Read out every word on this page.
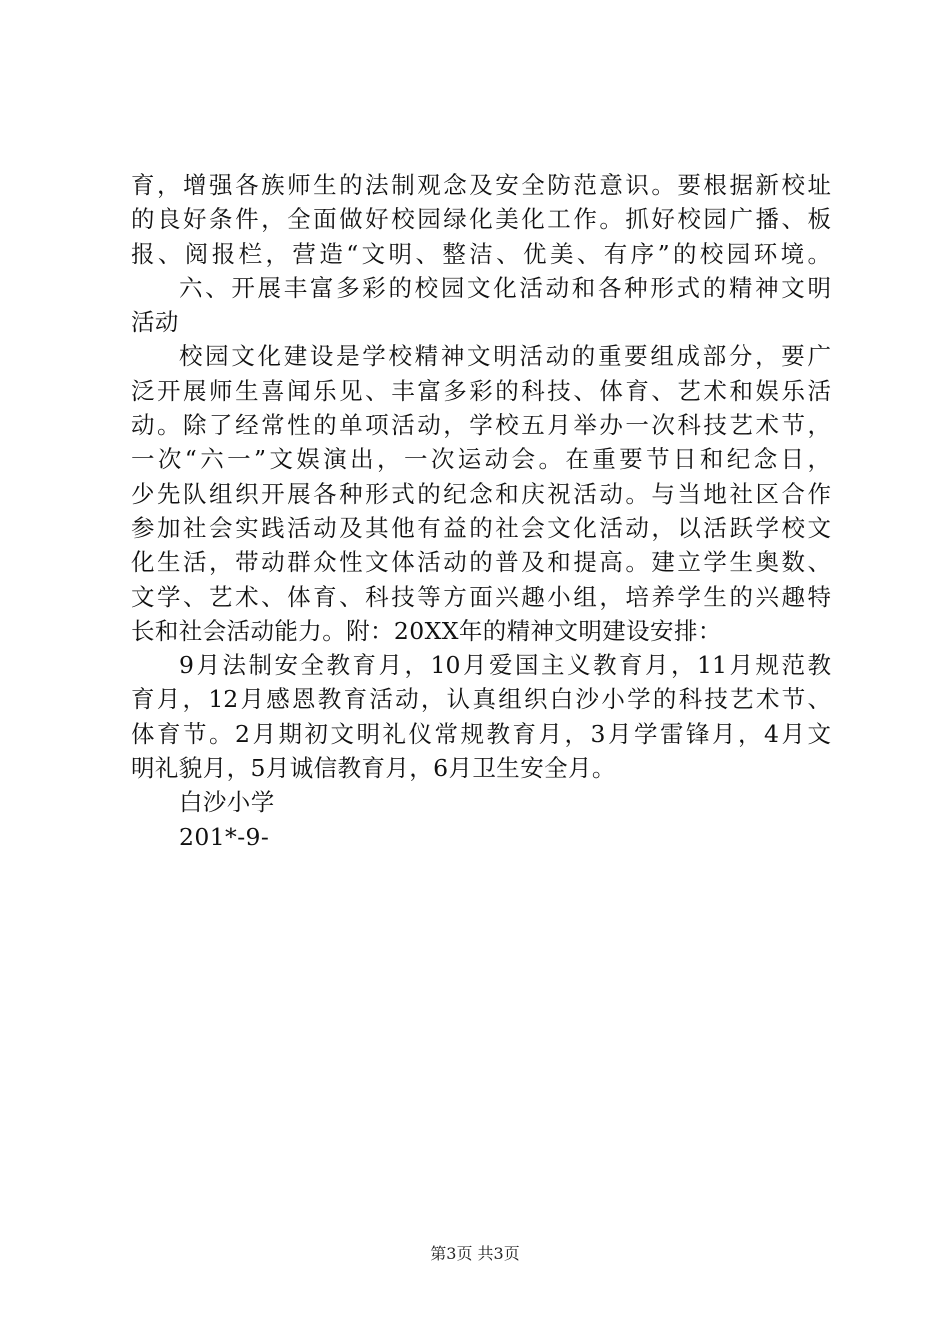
育，增强各族师生的法制观念及安全防范意识。要根据新校址
的良好条件，全面做好校园绿化美化工作。抓好校园广播、板
报、阅报栏，营造“文明、整洁、优美、有序”的校园环境。
六、开展丰富多彩的校园文化活动和各种形式的精神文明
活动
校园文化建设是学校精神文明活动的重要组成部分，要广
泛开展师生喜闻乐见、丰富多彩的科技、体育、艺术和娱乐活
动。除了经常性的单项活动，学校五月举办一次科技艺术节，
一次“六一”文娱演出，一次运动会。在重要节日和纪念日，
少先队组织开展各种形式的纪念和庆祝活动。与当地社区合作
参加社会实践活动及其他有益的社会文化活动，以活跃学校文
化生活，带动群众性文体活动的普及和提高。建立学生奥数、
文学、艺术、体育、科技等方面兴趣小组，培养学生的兴趣特
长和社会活动能力。附：20XX年的精神文明建设安排：
9月法制安全教育月，10月爱国主义教育月，11月规范教
育月，12月感恩教育活动，认真组织白沙小学的科技艺术节、
体育节。2月期初文明礼仪常规教育月，3月学雷锋月，4月文
明礼貌月，5月诚信教育月，6月卫生安全月。
白沙小学
201*-9-
第3页 共3页
